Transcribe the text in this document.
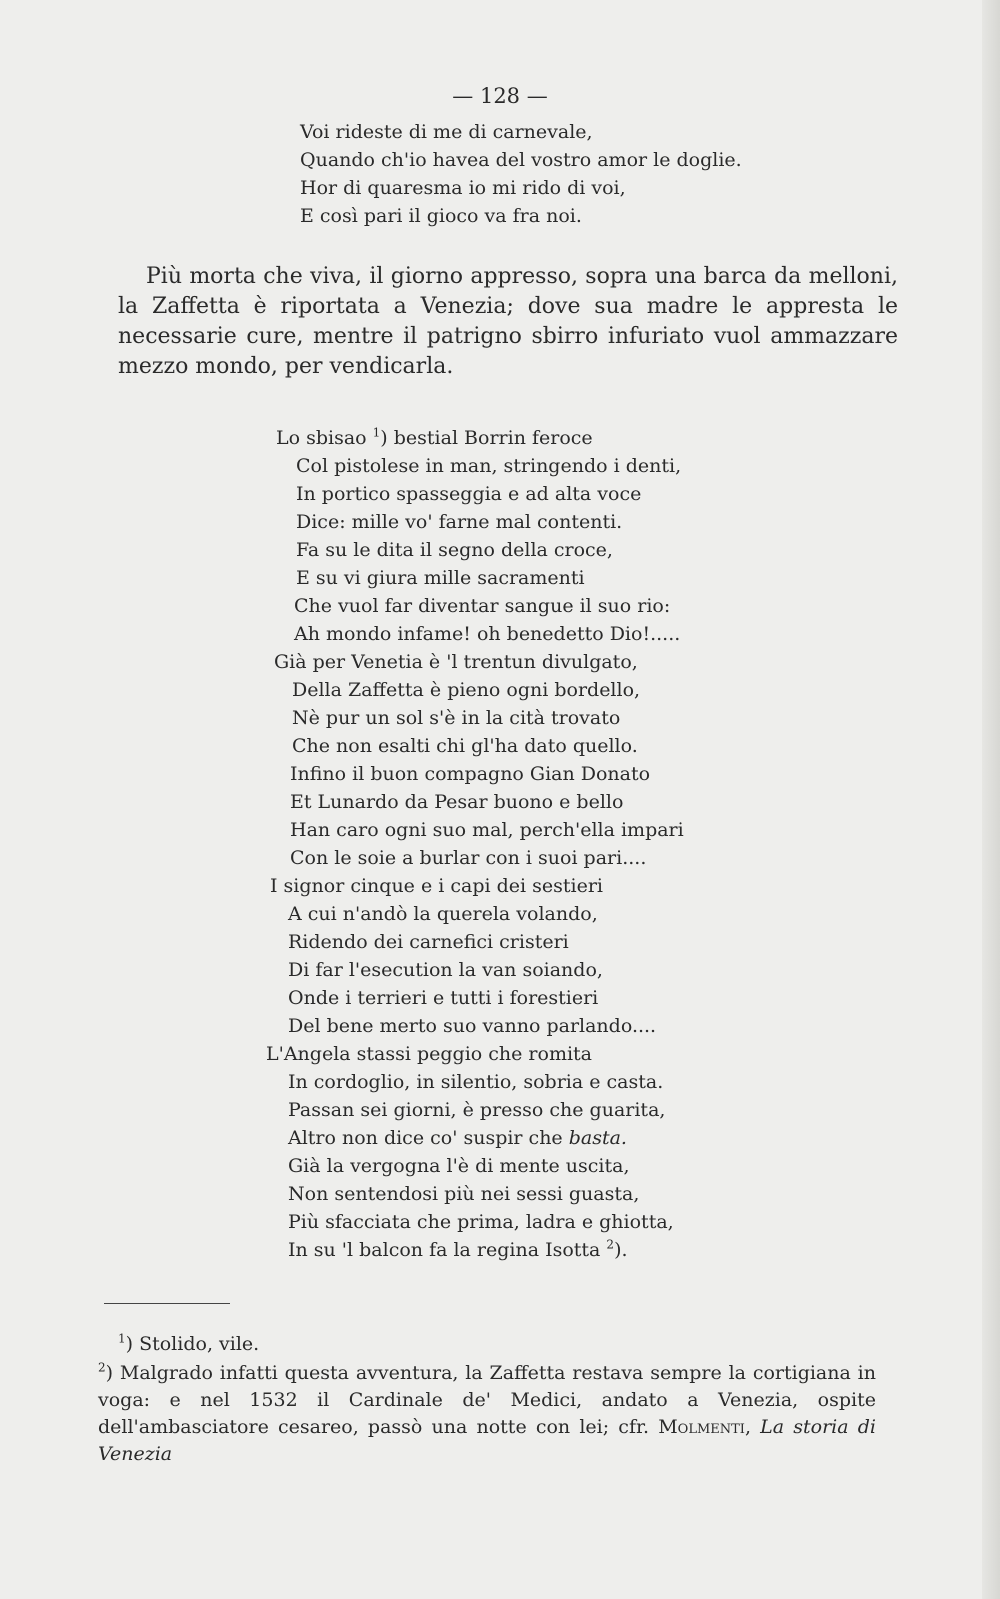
— 128 —
Voi rideste di me di carnevale,
Quando ch'io havea del vostro amor le doglie.
Hor di quaresma io mi rido di voi,
E così pari il gioco va fra noi.

Più morta che viva, il giorno appresso, sopra una barca da melloni, la Zaffetta è riportata a Venezia; dove sua madre le appresta le necessarie cure, mentre il patrigno sbirro infuriato vuol ammazzare mezzo mondo, per vendicarla.

Lo sbisao $^1$) bestial Borrin feroce
Col pistolese in man, stringendo i denti,
In portico spasseggia e ad alta voce
Dice: mille vo' farne mal contenti.
Fa su le dita il segno della croce,
E su vi giura mille sacramenti
Che vuol far diventar sangue il suo rio:
Ah mondo infame! oh benedetto Dio!.....
Già per Venetia è 'l trentun divulgato,
Della Zaffetta è pieno ogni bordello,
Nè pur un sol s'è in la cità trovato
Che non esalti chi gl'ha dato quello.
Infino il buon compagno Gian Donato
Et Lunardo da Pesar buono e bello
Han caro ogni suo mal, perch'ella impari
Con le soie a burlar con i suoi pari....
I signor cinque e i capi dei sestieri
A cui n'andò la querela volando,
Ridendo dei carnefici cristeri
Di far l'esecution la van soiando,
Onde i terrieri e tutti i forestieri
Del bene merto suo vanno parlando....
L'Angela stassi peggio che romita
In cordoglio, in silentio, sobria e casta.
Passan sei giorni, è presso che guarita,
Altro non dice co' suspir che basta.
Già la vergogna l'è di mente uscita,
Non sentendosi più nei sessi guasta,
Più sfacciata che prima, ladra e ghiotta,
In su 'l balcon fa la regina Isotta $^2$).

$^1$) Stolido, vile.

$^2$) Malgrado infatti questa avventura, la Zaffetta restava sempre la cortigiana in voga: e nel 1532 il Cardinale de' Medici, andato a Venezia, ospite dell'ambasciatore cesareo, passò una notte con lei; cfr. Molmenti, La storia di Venezia
